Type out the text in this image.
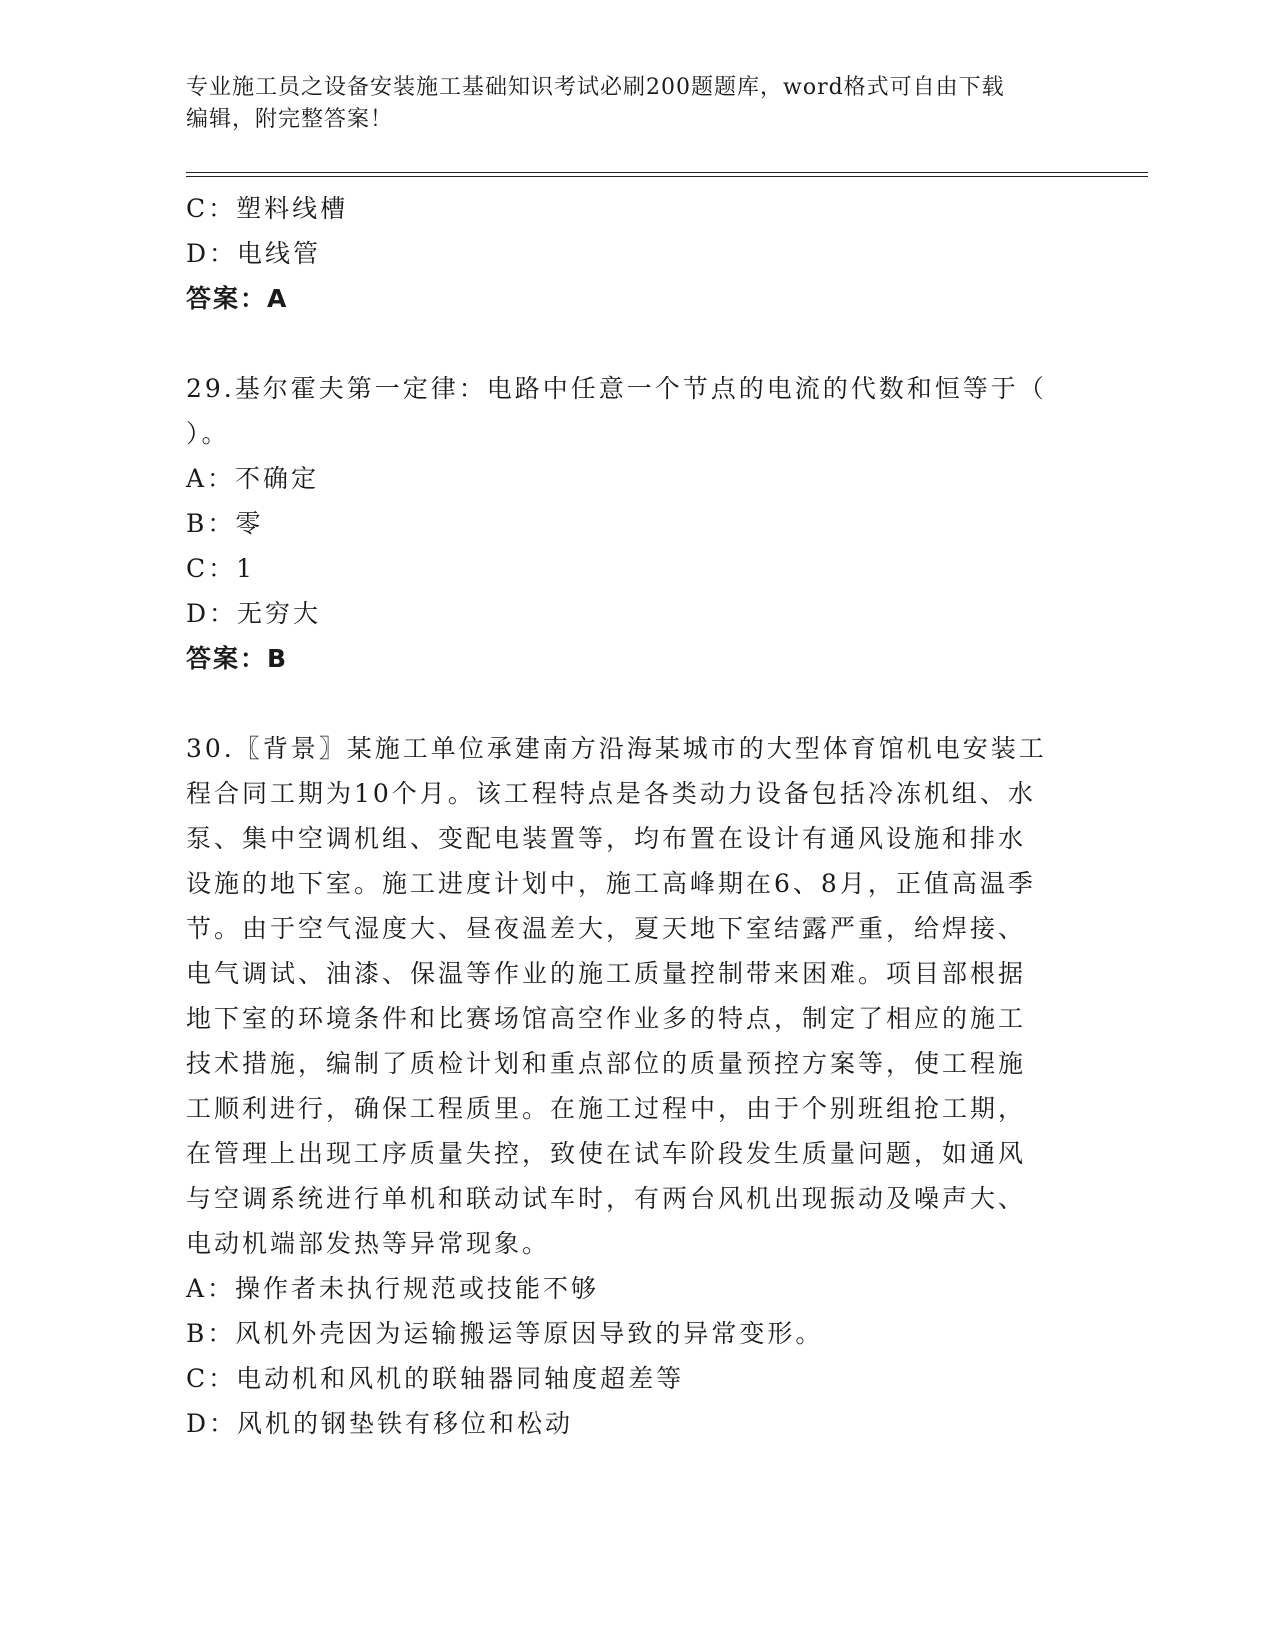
专业施工员之设备安装施工基础知识考试必刷200题题库，word格式可自由下载
编辑，附完整答案！
C：塑料线槽
D：电线管
答案：A
29.基尔霍夫第一定律：电路中任意一个节点的电流的代数和恒等于（
）。
A：不确定
B：零
C：1
D：无穷大
答案：B
30.〖背景〗某施工单位承建南方沿海某城市的大型体育馆机电安装工
程合同工期为10个月。该工程特点是各类动力设备包括冷冻机组、水
泵、集中空调机组、变配电装置等，均布置在设计有通风设施和排水
设施的地下室。施工进度计划中，施工高峰期在6、8月，正值高温季
节。由于空气湿度大、昼夜温差大，夏天地下室结露严重，给焊接、
电气调试、油漆、保温等作业的施工质量控制带来困难。项目部根据
地下室的环境条件和比赛场馆高空作业多的特点，制定了相应的施工
技术措施，编制了质检计划和重点部位的质量预控方案等，使工程施
工顺利进行，确保工程质里。在施工过程中，由于个别班组抢工期，
在管理上出现工序质量失控，致使在试车阶段发生质量问题，如通风
与空调系统进行单机和联动试车时，有两台风机出现振动及噪声大、
电动机端部发热等异常现象。
A：操作者未执行规范或技能不够
B：风机外壳因为运输搬运等原因导致的异常变形。
C：电动机和风机的联轴器同轴度超差等
D：风机的钢垫铁有移位和松动
